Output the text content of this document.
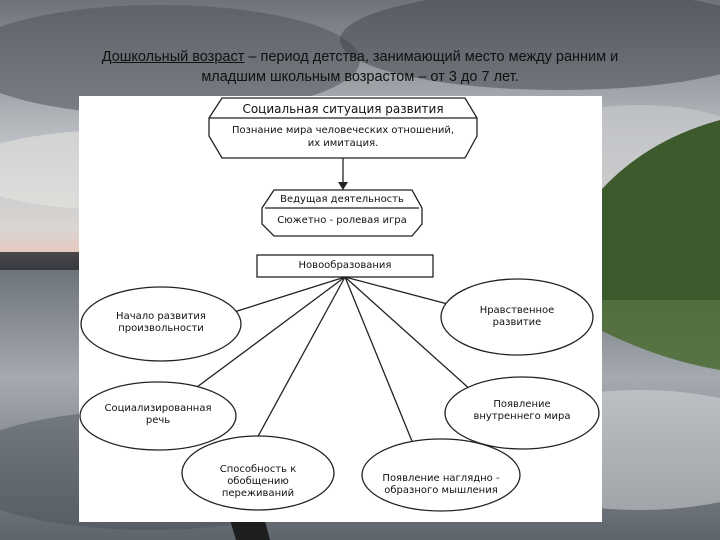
Дошкольный возраст – период детства, занимающий место между ранним и
младшим школьным возрастом – от 3 до 7 лет.
Социальная ситуация развития
Познание мира человеческих отношений,
их имитация.
Ведущая деятельность
Сюжетно - ролевая игра
Новообразования
Начало развития
произвольности
Нравственное
развитие
Социализированная
речь
Появление
внутреннего мира
Способность к
обобщению
переживаний
Появление наглядно -
образного мышления
